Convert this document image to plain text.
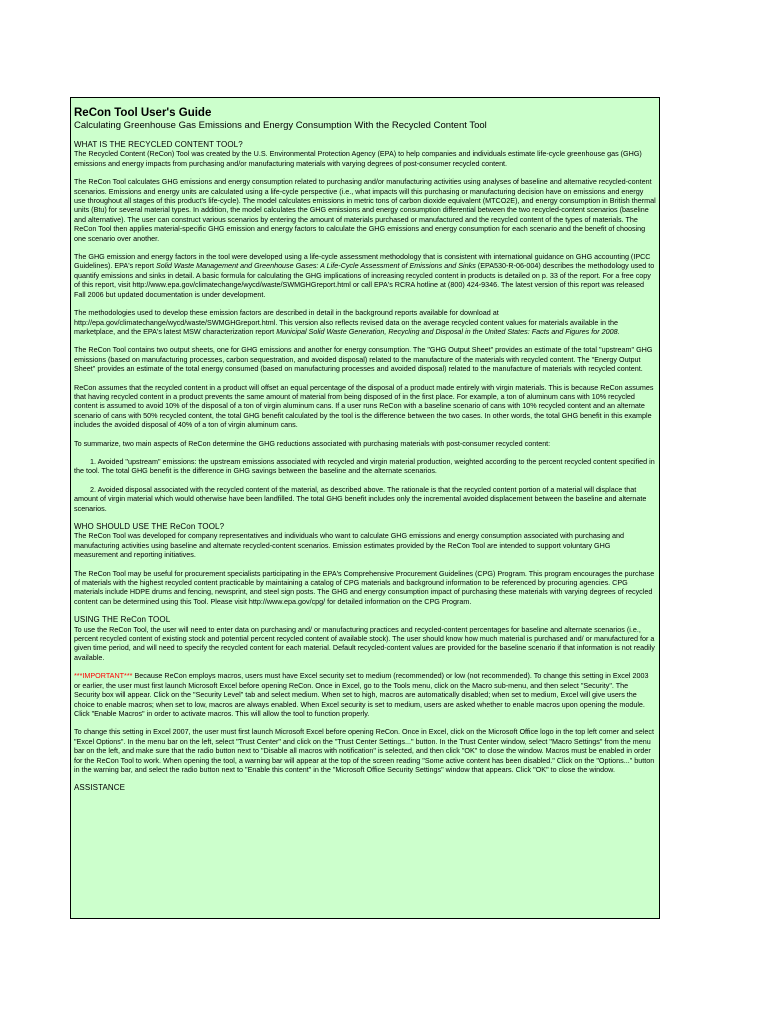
ReCon Tool User's Guide

Calculating Greenhouse Gas Emissions and Energy Consumption With the Recycled Content Tool

WHAT IS THE RECYCLED CONTENT TOOL?

The Recycled Content (ReCon) Tool was created by the U.S. Environmental Protection Agency (EPA) to help companies and individuals estimate life-cycle greenhouse gas (GHG) emissions and energy impacts from purchasing and/or manufacturing materials with varying degrees of post-consumer recycled content.

The ReCon Tool calculates GHG emissions and energy consumption related to purchasing and/or manufacturing activities using analyses of baseline and alternative recycled-content scenarios. Emissions and energy units are calculated using a life-cycle perspective (i.e., what impacts will this purchasing or manufacturing decision have on emissions and energy use throughout all stages of this product's life-cycle). The model calculates emissions in metric tons of carbon dioxide equivalent (MTCO2E), and energy consumption in British thermal units (Btu) for several material types. In addition, the model calculates the GHG emissions and energy consumption differential between the two recycled-content scenarios (baseline and alternative). The user can construct various scenarios by entering the amount of materials purchased or manufactured and the recycled content of the types of materials. The ReCon Tool then applies material-specific GHG emission and energy factors to calculate the GHG emissions and energy consumption for each scenario and the benefit of choosing one scenario over another.

The GHG emission and energy factors in the tool were developed using a life-cycle assessment methodology that is consistent with international guidance on GHG accounting (IPCC Guidelines). EPA's report Solid Waste Management and Greenhouse Gases: A Life-Cycle Assessment of Emissions and Sinks (EPA530-R-06-004) describes the methodology used to quantify emissions and sinks in detail. A basic formula for calculating the GHG implications of increasing recycled content in products is detailed on p. 33 of the report. For a free copy of this report, visit http://www.epa.gov/climatechange/wycd/waste/SWMGHGreport.html or call EPA's RCRA hotline at (800) 424-9346. The latest version of this report was released Fall 2006 but updated documentation is under development.

The methodologies used to develop these emission factors are described in detail in the background reports available for download at http://epa.gov/climatechange/wycd/waste/SWMGHGreport.html. This version also reflects revised data on the average recycled content values for materials available in the marketplace, and the EPA's latest MSW characterization report Municipal Solid Waste Generation, Recycling and Disposal in the United States: Facts and Figures for 2008.

The ReCon Tool contains two output sheets, one for GHG emissions and another for energy consumption. The "GHG Output Sheet" provides an estimate of the total "upstream" GHG emissions (based on manufacturing processes, carbon sequestration, and avoided disposal) related to the manufacture of the materials with recycled content. The "Energy Output Sheet" provides an estimate of the total energy consumed (based on manufacturing processes and avoided disposal) related to the manufacture of materials with recycled content.

ReCon assumes that the recycled content in a product will offset an equal percentage of the disposal of a product made entirely with virgin materials. This is because ReCon assumes that having recycled content in a product prevents the same amount of material from being disposed of in the first place. For example, a ton of aluminum cans with 10% recycled content is assumed to avoid 10% of the disposal of a ton of virgin aluminum cans. If a user runs ReCon with a baseline scenario of cans with 10% recycled content and an alternate scenario of cans with 50% recycled content, the total GHG benefit calculated by the tool is the difference between the two cases. In other words, the total GHG benefit in this example includes the avoided disposal of 40% of a ton of virgin aluminum cans.

To summarize, two main aspects of ReCon determine the GHG reductions associated with purchasing materials with post-consumer recycled content:

1. Avoided "upstream" emissions: the upstream emissions associated with recycled and virgin material production, weighted according to the percent recycled content specified in the tool. The total GHG benefit is the difference in GHG savings between the baseline and the alternate scenarios.

2. Avoided disposal associated with the recycled content of the material, as described above. The rationale is that the recycled content portion of a material will displace that amount of virgin material which would otherwise have been landfilled. The total GHG benefit includes only the incremental avoided displacement between the baseline and alternate scenarios.

WHO SHOULD USE THE ReCon TOOL?

The ReCon Tool was developed for company representatives and individuals who want to calculate GHG emissions and energy consumption associated with purchasing and manufacturing activities using baseline and alternate recycled-content scenarios. Emission estimates provided by the ReCon Tool are intended to support voluntary GHG measurement and reporting initiatives.

The ReCon Tool may be useful for procurement specialists participating in the EPA's Comprehensive Procurement Guidelines (CPG) Program. This program encourages the purchase of materials with the highest recycled content practicable by maintaining a catalog of CPG materials and background information to be referenced by procuring agencies. CPG materials include HDPE drums and fencing, newsprint, and steel sign posts. The GHG and energy consumption impact of purchasing these materials with varying degrees of recycled content can be determined using this Tool. Please visit http://www.epa.gov/cpg/ for detailed information on the CPG Program.

USING THE ReCon TOOL

To use the ReCon Tool, the user will need to enter data on purchasing and/ or manufacturing practices and recycled-content percentages for baseline and alternate scenarios (i.e., percent recycled content of existing stock and potential percent recycled content of available stock). The user should know how much material is purchased and/ or manufactured for a given time period, and will need to specify the recycled content for each material. Default recycled-content values are provided for the baseline scenario if that information is not readily available.

***IMPORTANT*** Because ReCon employs macros, users must have Excel security set to medium (recommended) or low (not recommended). To change this setting in Excel 2003 or earlier, the user must first launch Microsoft Excel before opening ReCon. Once in Excel, go to the Tools menu, click on the Macro sub-menu, and then select "Security". The Security box will appear. Click on the "Security Level" tab and select medium. When set to high, macros are automatically disabled; when set to medium, Excel will give users the choice to enable macros; when set to low, macros are always enabled. When Excel security is set to medium, users are asked whether to enable macros upon opening the module. Click "Enable Macros" in order to activate macros. This will allow the tool to function properly.

To change this setting in Excel 2007, the user must first launch Microsoft Excel before opening ReCon. Once in Excel, click on the Microsoft Office logo in the top left corner and select "Excel Options". In the menu bar on the left, select "Trust Center" and click on the "Trust Center Settings..." button. In the Trust Center window, select "Macro Settings" from the menu bar on the left, and make sure that the radio button next to "Disable all macros with notification" is selected, and then click "OK" to close the window. Macros must be enabled in order for the ReCon Tool to work. When opening the tool, a warning bar will appear at the top of the screen reading "Some active content has been disabled." Click on the "Options..." button in the warning bar, and select the radio button next to "Enable this content" in the "Microsoft Office Security Settings" window that appears. Click "OK" to close the window.

ASSISTANCE
